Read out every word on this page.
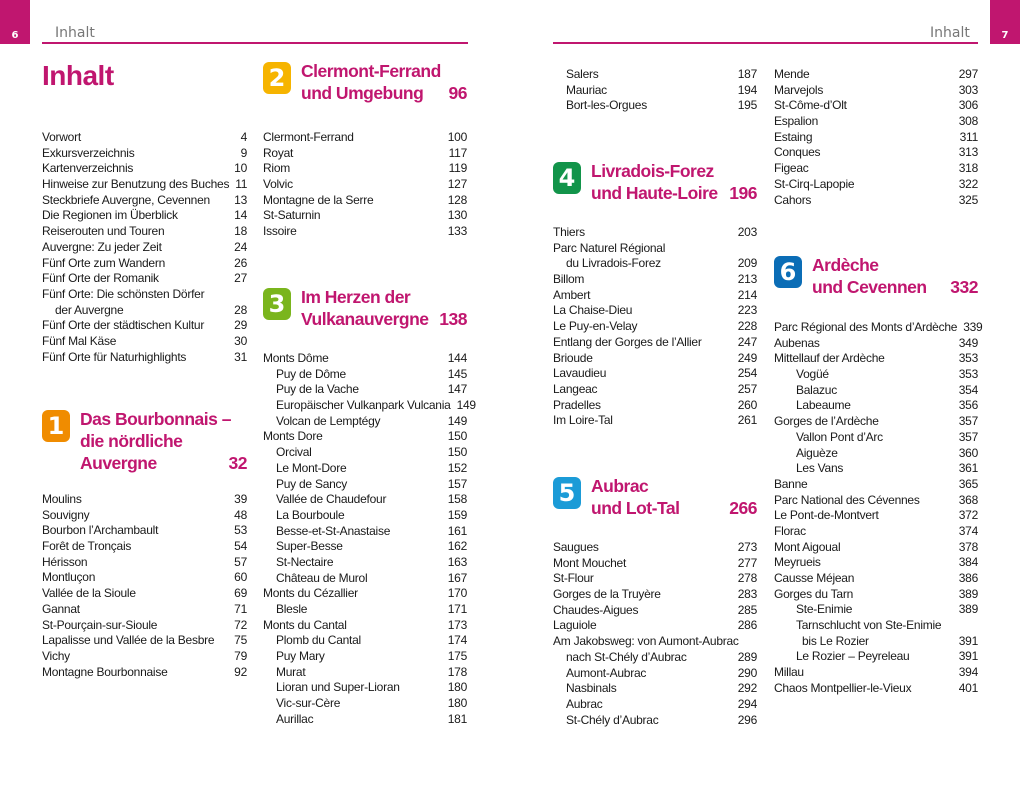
6	Inhalt	7
Inhalt
Inhalt
1 Das Bourbonnais –
die nördliche
Auvergne	32
2 Clermont-Ferrand
und Umgebung 96
3 Im Herzen der
Vulkanauvergne 138
4 Livradois-Forez
und Haute-Loire 196
5 Aubrac
und Lot-Tal	266
6 Ardèche
und Cevennen 332
Vorwort	4
Exkursverzeichnis	9
Kartenverzeichnis	10
Hinweise zur Benutzung des Buches 11
Steckbriefe Auvergne, Cevennen	13
Die Regionen im Überblick	14
Reiserouten und Touren	18
Auvergne: Zu jeder Zeit	24
Fünf Orte zum Wandern	26
Fünf Orte der Romanik	27
Fünf Orte: Die schönsten Dörfer
der Auvergne	28
Fünf Orte der städtischen Kultur	29
Fünf Mal Käse	30
Fünf Orte für Naturhighlights	31
Moulins	39
Souvigny	48
Bourbon l’Archambault	53
Forêt de Tronçais	54
Hérisson	57
Montluçon	60
Vallée de la Sioule	69
Gannat	71
St-Pourçain-sur-Sioule	72
Lapalisse und Vallée de la Besbre	75
Vichy	79
Montagne Bourbonnaise	92
Clermont-Ferrand	100
Royat	117
Riom	119
Volvic	127
Montagne de la Serre	128
St-Saturnin	130
Issoire	133
Monts Dôme	144
Puy de Dôme	145
Puy de la Vache	147
Europäischer Vulkanpark Vulcania 149
Volcan de Lemptégy	149
Monts Dore	150
Orcival	150
Le Mont-Dore	152
Puy de Sancy	157
Vallée de Chaudefour	158
La Bourboule	159
Besse-et-St-Anastaise	161
Super-Besse	162
St-Nectaire	163
Château de Murol	167
Monts du Cézallier	170
Blesle	171
Monts du Cantal	173
Plomb du Cantal	174
Puy Mary	175
Murat	178
Lioran und Super-Lioran	180
Vic-sur-Cère	180
Aurillac	181
Salers	187
Mauriac	194
Bort-les-Orgues	195
Thiers	203
Parc Naturel Régional
du Livradois-Forez	209
Billom	213
Ambert	214
La Chaise-Dieu	223
Le Puy-en-Velay	228
Entlang der Gorges de l’Allier	247
Brioude	249
Lavaudieu	254
Langeac	257
Pradelles	260
Im Loire-Tal	261
Saugues	273
Mont Mouchet	277
St-Flour	278
Gorges de la Truyère	283
Chaudes-Aigues	285
Laguiole	286
Am Jakobsweg: von Aumont-Aubrac
nach St-Chély d’Aubrac	289
Aumont-Aubrac	290
Nasbinals	292
Aubrac	294
St-Chély d’Aubrac	296
Mende	297
Marvejols	303
St-Côme-d’Olt	306
Espalion	308
Estaing	311
Conques	313
Figeac	318
St-Cirq-Lapopie	322
Cahors	325
Parc Régional des Monts d’Ardèche 339
Aubenas	349
Mittellauf der Ardèche	353
Vogüé	353
Balazuc	354
Labeaume	356
Gorges de l’Ardèche	357
Vallon Pont d’Arc	357
Aiguèze	360
Les Vans	361
Banne	365
Parc National des Cévennes	368
Le Pont-de-Montvert	372
Florac	374
Mont Aigoual	378
Meyrueis	384
Causse Méjean	386
Gorges du Tarn	389
Ste-Enimie	389
Tarnschlucht von Ste-Enimie
bis Le Rozier	391
Le Rozier – Peyreleau	391
Millau	394
Chaos Montpellier-le-Vieux	401
